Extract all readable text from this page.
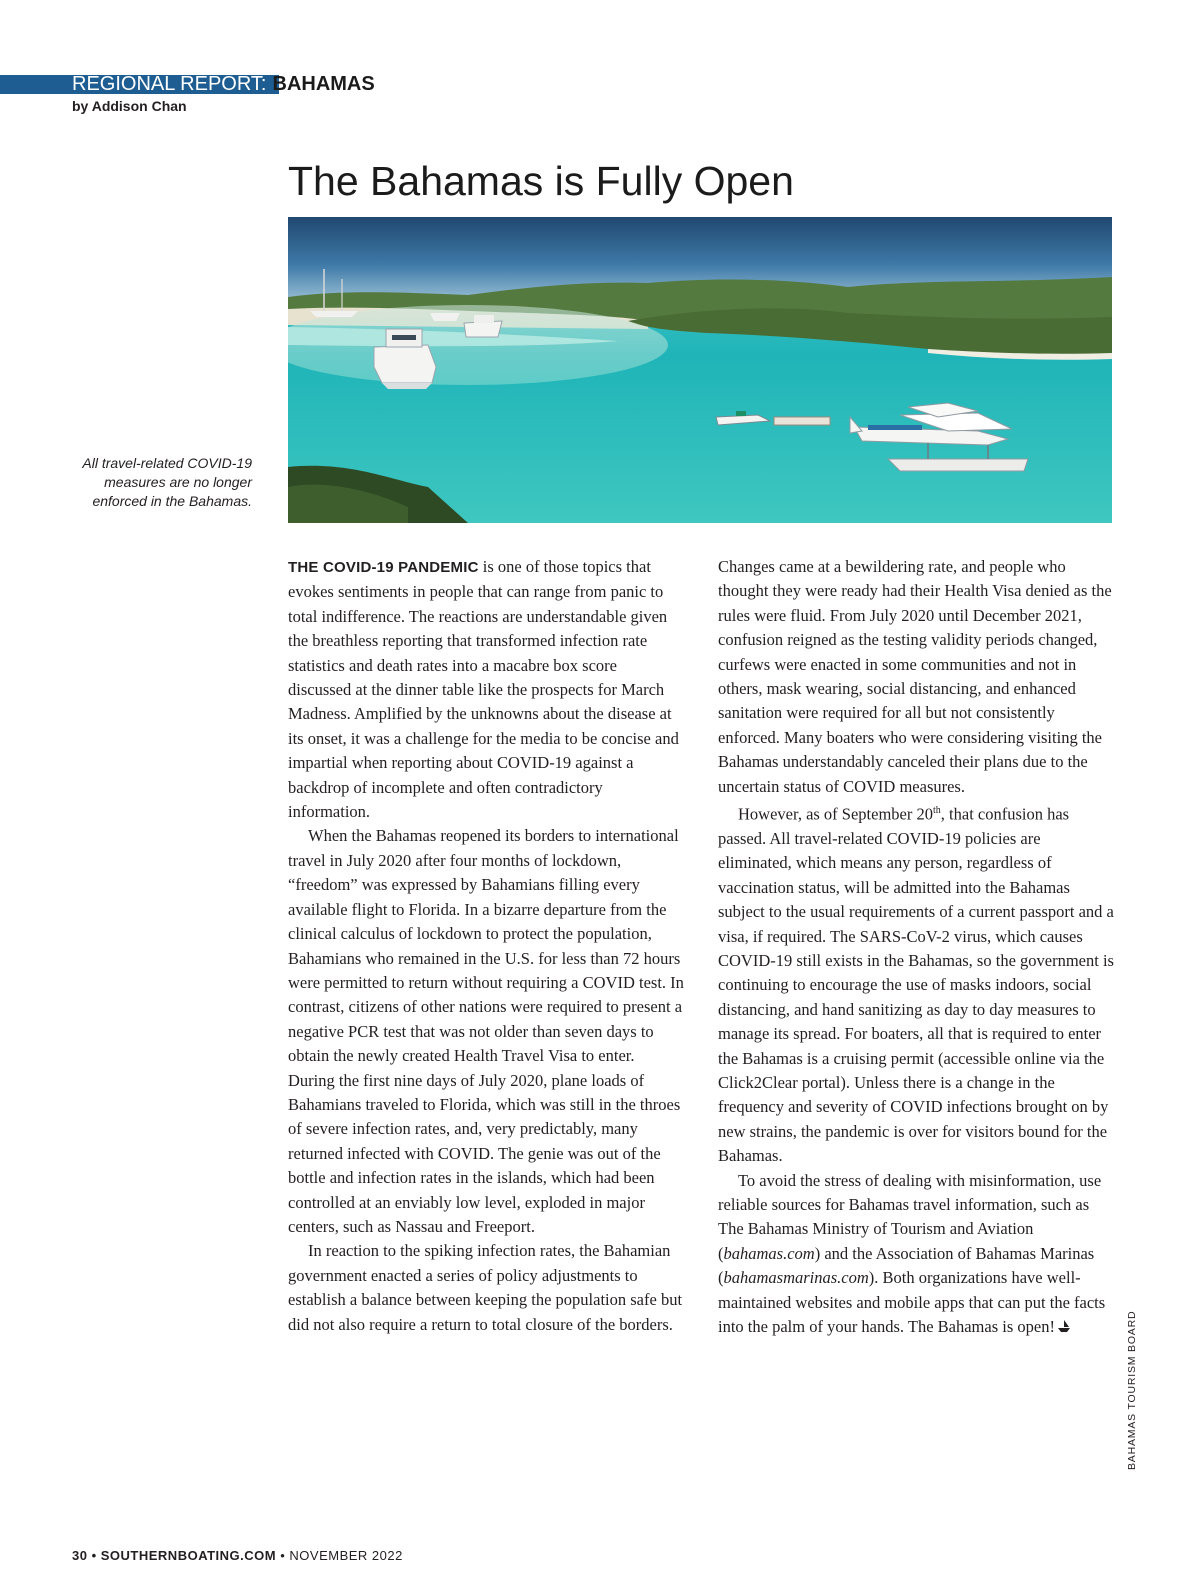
REGIONAL REPORT: BAHAMAS
by Addison Chan
The Bahamas is Fully Open
All travel-related COVID-19 measures are no longer enforced in the Bahamas.

THE COVID-19 PANDEMIC is one of those topics that evokes sentiments in people that can range from panic to total indifference. The reactions are understandable given the breathless reporting that transformed infection rate statistics and death rates into a macabre box score discussed at the dinner table like the prospects for March Madness. Amplified by the unknowns about the disease at its onset, it was a challenge for the media to be concise and impartial when reporting about COVID-19 against a backdrop of incomplete and often contradictory information.

When the Bahamas reopened its borders to international travel in July 2020 after four months of lockdown, “freedom” was expressed by Bahamians filling every available flight to Florida. In a bizarre departure from the clinical calculus of lockdown to protect the population, Bahamians who remained in the U.S. for less than 72 hours were permitted to return without requiring a COVID test. In contrast, citizens of other nations were required to present a negative PCR test that was not older than seven days to obtain the newly created Health Travel Visa to enter. During the first nine days of July 2020, plane loads of Bahamians traveled to Florida, which was still in the throes of severe infection rates, and, very predictably, many returned infected with COVID. The genie was out of the bottle and infection rates in the islands, which had been controlled at an enviably low level, exploded in major centers, such as Nassau and Freeport.

In reaction to the spiking infection rates, the Bahamian government enacted a series of policy adjustments to establish a balance between keeping the population safe but did not also require a return to total closure of the borders.

Changes came at a bewildering rate, and people who thought they were ready had their Health Visa denied as the rules were fluid. From July 2020 until December 2021, confusion reigned as the testing validity periods changed, curfews were enacted in some communities and not in others, mask wearing, social distancing, and enhanced sanitation were required for all but not consistently enforced. Many boaters who were considering visiting the Bahamas understandably canceled their plans due to the uncertain status of COVID measures.

However, as of September 20th, that confusion has passed. All travel-related COVID-19 policies are eliminated, which means any person, regardless of vaccination status, will be admitted into the Bahamas subject to the usual requirements of a current passport and a visa, if required. The SARS-CoV-2 virus, which causes COVID-19 still exists in the Bahamas, so the government is continuing to encourage the use of masks indoors, social distancing, and hand sanitizing as day to day measures to manage its spread. For boaters, all that is required to enter the Bahamas is a cruising permit (accessible online via the Click2Clear portal). Unless there is a change in the frequency and severity of COVID infections brought on by new strains, the pandemic is over for visitors bound for the Bahamas.

To avoid the stress of dealing with misinformation, use reliable sources for Bahamas travel information, such as The Bahamas Ministry of Tourism and Aviation (bahamas.com) and the Association of Bahamas Marinas (bahamasmarinas.com). Both organizations have well-maintained websites and mobile apps that can put the facts into the palm of your hands. The Bahamas is open!	BAHAMAS TOURISM BOARD
30 • SOUTHERNBOATING.COM • NOVEMBER 2022
